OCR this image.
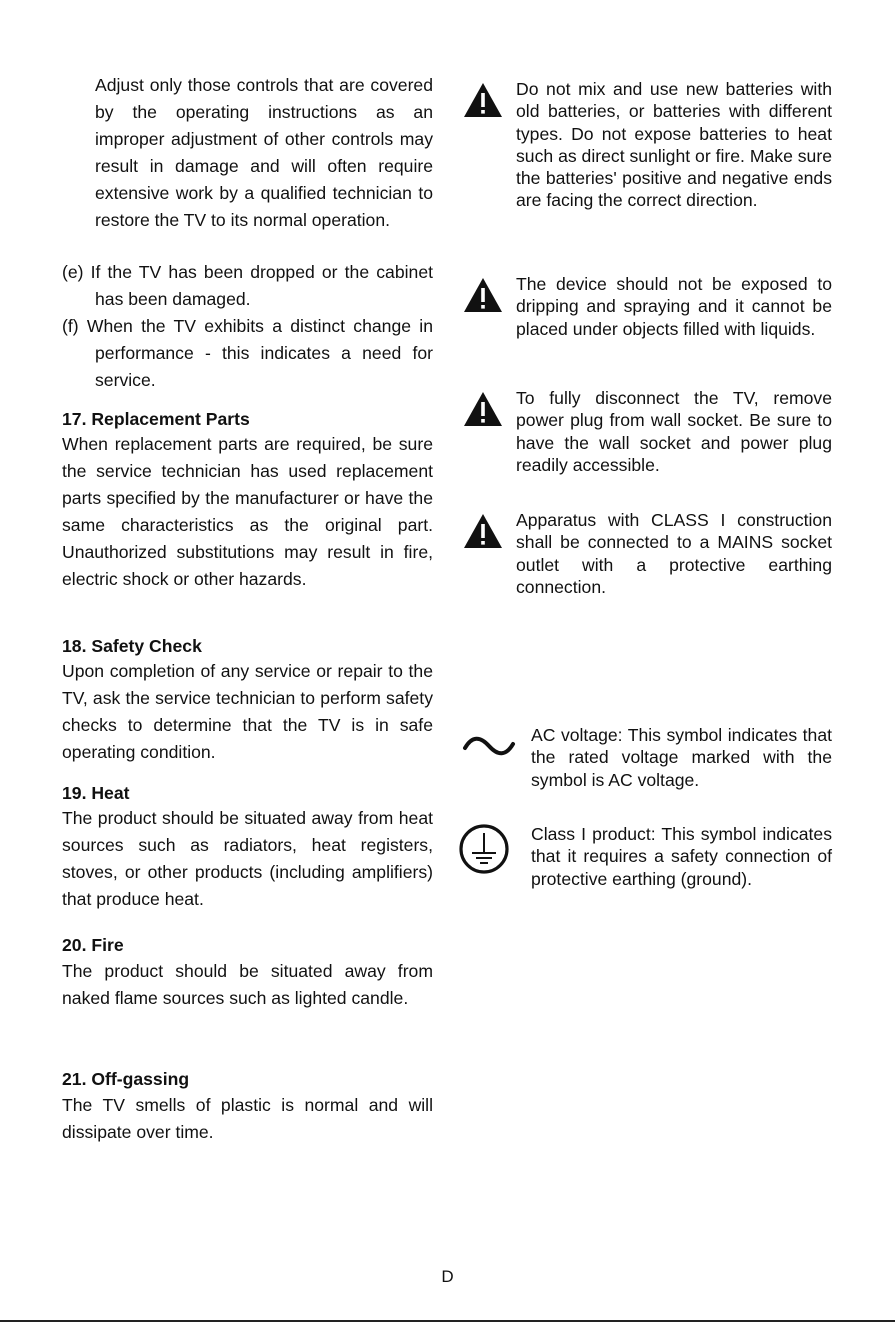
Adjust only those controls that are covered by the operating instructions as an improper adjustment of other controls may result in damage and will often require extensive work by a qualified technician to restore the TV to its normal operation.

(e) If the TV has been dropped or the cabinet has been damaged.

(f) When the TV exhibits a distinct change in performance - this indicates a need for service.

17. Replacement Parts

When replacement parts are required, be sure the service technician has used replacement parts specified by the manufacturer or have the same characteristics as the original part. Unauthorized substitutions may result in fire, electric shock or other hazards.

18. Safety Check

Upon completion of any service or repair to the TV, ask the service technician to perform safety checks to determine that the TV is in safe operating condition.

19. Heat

The product should be situated away from heat sources such as radiators, heat registers, stoves, or other products (including amplifiers) that produce heat.

20. Fire

The product should be situated away from naked flame sources such as lighted candle.

21. Off-gassing

The TV smells of plastic is normal and will dissipate over time.

Do not mix and use new batteries with old batteries, or batteries with different types. Do not expose batteries to heat such as direct sunlight or fire. Make sure the batteries' positive and negative ends are facing the correct direction.

The device should not be exposed to dripping and spraying and it cannot be placed under objects filled with liquids.

To fully disconnect the TV, remove power plug from wall socket. Be sure to have the wall socket and power plug readily accessible.

Apparatus with CLASS I construction shall be connected to a MAINS socket outlet with a protective earthing connection.

AC voltage: This symbol indicates that the rated voltage marked with the symbol is AC voltage.

Class I product: This symbol indicates that it requires a safety connection of protective earthing (ground).

D
